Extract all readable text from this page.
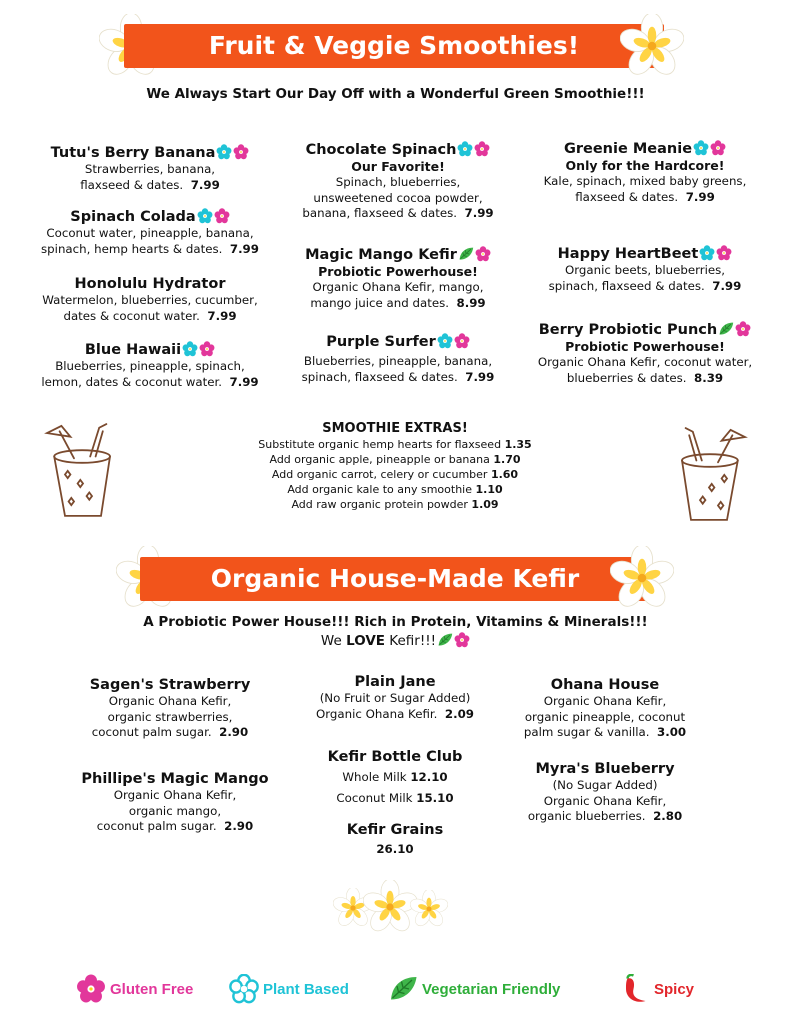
Fruit & Veggie Smoothies!
We Always Start Our Day Off with a Wonderful Green Smoothie!!!
Tutu's Berry Banana
Strawberries, banana,
flaxseed & dates. 7.99
Spinach Colada
Coconut water, pineapple, banana,
spinach, hemp hearts & dates. 7.99
Honolulu Hydrator
Watermelon, blueberries, cucumber,
dates & coconut water. 7.99
Blue Hawaii
Blueberries, pineapple, spinach,
lemon, dates & coconut water. 7.99
Chocolate Spinach
Our Favorite!
Spinach, blueberries,
unsweetened cocoa powder,
banana, flaxseed & dates. 7.99
Magic Mango Kefir
Probiotic Powerhouse!
Organic Ohana Kefir, mango,
mango juice and dates. 8.99
Purple Surfer
Blueberries, pineapple, banana,
spinach, flaxseed & dates. 7.99
Greenie Meanie
Only for the Hardcore!
Kale, spinach, mixed baby greens,
flaxseed & dates. 7.99
Happy HeartBeet
Organic beets, blueberries,
spinach, flaxseed & dates. 7.99
Berry Probiotic Punch
Probiotic Powerhouse!
Organic Ohana Kefir, coconut water,
blueberries & dates. 8.39
SMOOTHIE EXTRAS!
Substitute organic hemp hearts for flaxseed 1.35
Add organic apple, pineapple or banana 1.70
Add organic carrot, celery or cucumber 1.60
Add organic kale to any smoothie 1.10
Add raw organic protein powder 1.09
Organic House-Made Kefir
A Probiotic Power House!!! Rich in Protein, Vitamins & Minerals!!!
We LOVE Kefir!!!
Sagen's Strawberry
Organic Ohana Kefir,
organic strawberries,
coconut palm sugar. 2.90
Phillipe's Magic Mango
Organic Ohana Kefir,
organic mango,
coconut palm sugar. 2.90
Plain Jane
(No Fruit or Sugar Added)
Organic Ohana Kefir. 2.09
Kefir Bottle Club
Whole Milk 12.10
Coconut Milk 15.10
Kefir Grains
26.10
Ohana House
Organic Ohana Kefir,
organic pineapple, coconut
palm sugar & vanilla. 3.00
Myra's Blueberry
(No Sugar Added)
Organic Ohana Kefir,
organic blueberries. 2.80
Gluten Free	Plant Based	Vegetarian Friendly	Spicy
